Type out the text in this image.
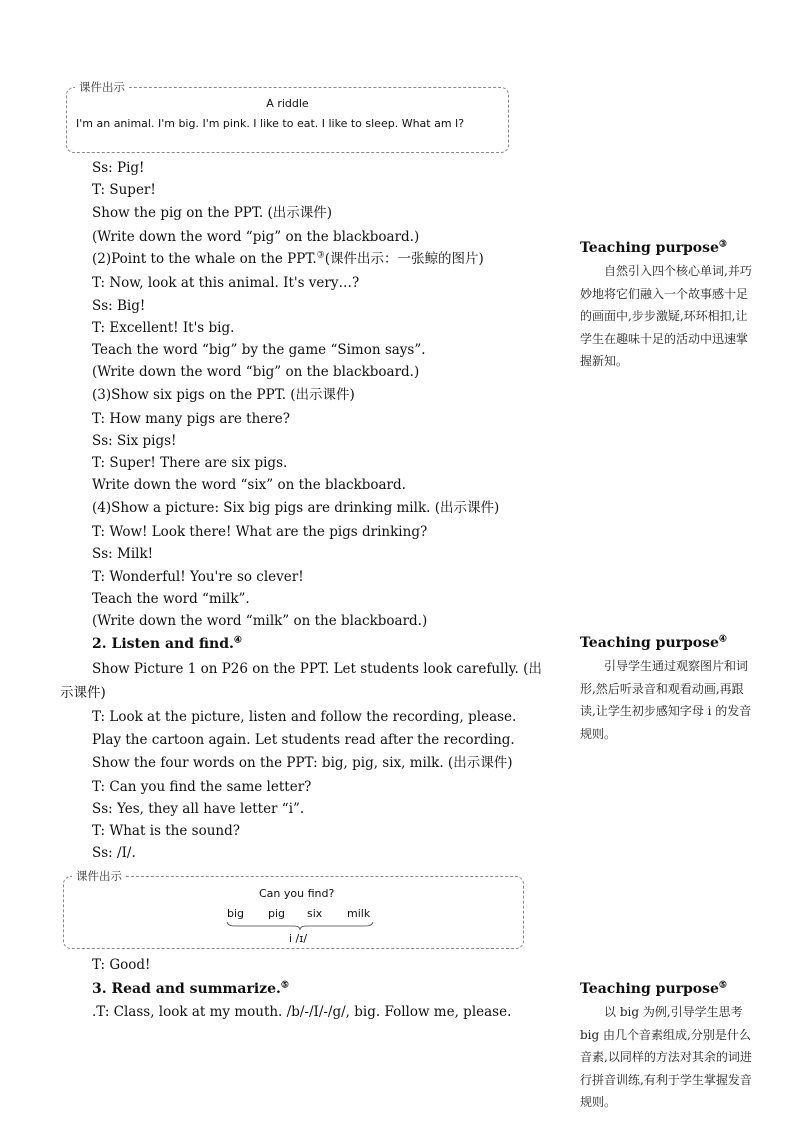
课件出示
A riddle
I'm an animal. I'm big. I'm pink. I like to eat. I like to sleep. What am I?
Ss: Pig!
T: Super!
Show the pig on the PPT. (出示课件)
(Write down the word “pig” on the blackboard.)
(2)Point to the whale on the PPT.③(课件出示：一张鲸的图片)
T: Now, look at this animal. It's very…?
Ss: Big!
T: Excellent! It's big.
Teach the word “big” by the game “Simon says”.
(Write down the word “big” on the blackboard.)
(3)Show six pigs on the PPT. (出示课件)
T: How many pigs are there?
Ss: Six pigs!
T: Super! There are six pigs.
Write down the word “six” on the blackboard.
(4)Show a picture: Six big pigs are drinking milk. (出示课件)
T: Wow! Look there! What are the pigs drinking?
Ss: Milk!
T: Wonderful! You're so clever!
Teach the word “milk”.
(Write down the word “milk” on the blackboard.)
2. Listen and find.④
Show Picture 1 on P26 on the PPT. Let students look carefully. (出
示课件)
T: Look at the picture, listen and follow the recording, please.
Play the cartoon again. Let students read after the recording.
Show the four words on the PPT: big, pig, six, milk. (出示课件)
T: Can you find the same letter?
Ss: Yes, they all have letter “i”.
T: What is the sound?
Ss: /I/.
课件出示
Can you find?
big pig six milk
i /ɪ/
T: Good!
3. Read and summarize.⑤
.T: Class, look at my mouth. /b/-/I/-/g/, big. Follow me, please.
Teaching purpose③
自然引入四个核心单词,并巧妙地将它们融入一个故事感十足的画面中,步步激疑,环环相扣,让学生在趣味十足的活动中迅速掌握新知。
Teaching purpose④
引导学生通过观察图片和词形,然后听录音和观看动画,再跟读,让学生初步感知字母 i 的发音规则。
Teaching purpose⑤
以 big 为例,引导学生思考 big 由几个音素组成,分别是什么音素,以同样的方法对其余的词进行拼音训练,有利于学生掌握发音规则。
